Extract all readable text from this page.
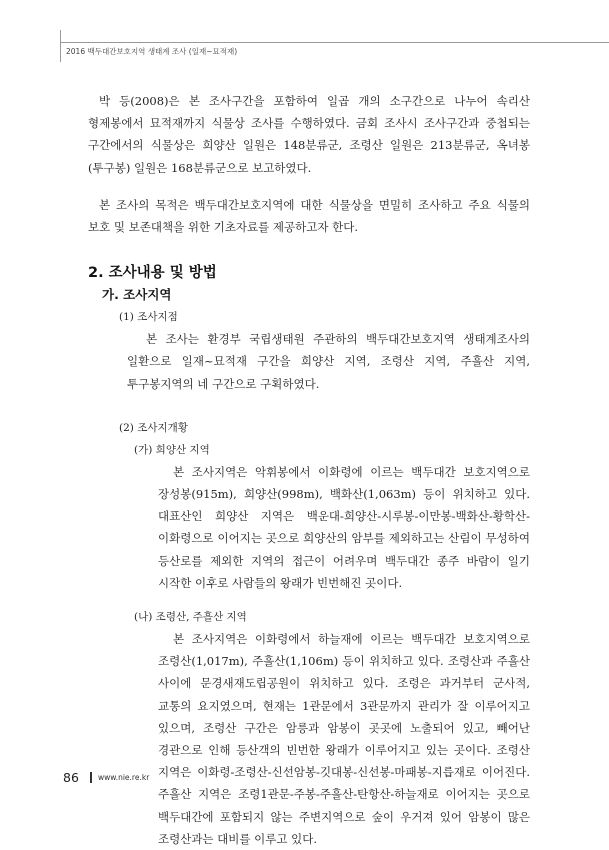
2016 백두대간보호지역 생태계 조사 (일재~묘적재)

박 등(2008)은 본 조사구간을 포함하여 일곱 개의 소구간으로 나누어 속리산 형제봉에서 묘적재까지 식물상 조사를 수행하였다. 금회 조사시 조사구간과 중첩되는 구간에서의 식물상은 희양산 일원은 148분류군, 조령산 일원은 213분류군, 옥녀봉(투구봉) 일원은 168분류군으로 보고하였다.

본 조사의 목적은 백두대간보호지역에 대한 식물상을 면밀히 조사하고 주요 식물의 보호 및 보존대책을 위한 기초자료를 제공하고자 한다.

2. 조사내용 및 방법
가. 조사지역

(1) 조사지점

본 조사는 환경부 국립생태원 주관하의 백두대간보호지역 생태계조사의 일환으로 일재~묘적재 구간을 희양산 지역, 조령산 지역, 주흘산 지역, 투구봉지역의 네 구간으로 구획하였다.

(2) 조사지개황

(가) 희양산 지역

본 조사지역은 악휘봉에서 이화령에 이르는 백두대간 보호지역으로 장성봉(915m), 희양산(998m), 백화산(1,063m) 등이 위치하고 있다. 대표산인 희양산 지역은 백운대-희양산-시루봉-이만봉-백화산-황학산-이화령으로 이어지는 곳으로 희양산의 암부를 제외하고는 산림이 무성하여 등산로를 제외한 지역의 접근이 어려우며 백두대간 종주 바람이 일기 시작한 이후로 사람들의 왕래가 빈번해진 곳이다.

(나) 조령산, 주흘산 지역

본 조사지역은 이화령에서 하늘재에 이르는 백두대간 보호지역으로 조령산(1,017m), 주흘산(1,106m) 등이 위치하고 있다. 조령산과 주흘산 사이에 문경새재도립공원이 위치하고 있다. 조령은 과거부터 군사적, 교통의 요지였으며, 현재는 1관문에서 3관문까지 관리가 잘 이루어지고 있으며, 조령산 구간은 암릉과 암봉이 곳곳에 노출되어 있고, 빼어난 경관으로 인해 등산객의 빈번한 왕래가 이루어지고 있는 곳이다. 조령산 지역은 이화령-조령산-신선암봉-깃대봉-신선봉-마패봉-지릅재로 이어진다. 주흘산 지역은 조령1관문-주봉-주흘산-탄항산-하늘재로 이어지는 곳으로 백두대간에 포함되지 않는 주변지역으로 숲이 우거져 있어 암봉이 많은 조령산과는 대비를 이루고 있다.

86	www.nie.re.kr
